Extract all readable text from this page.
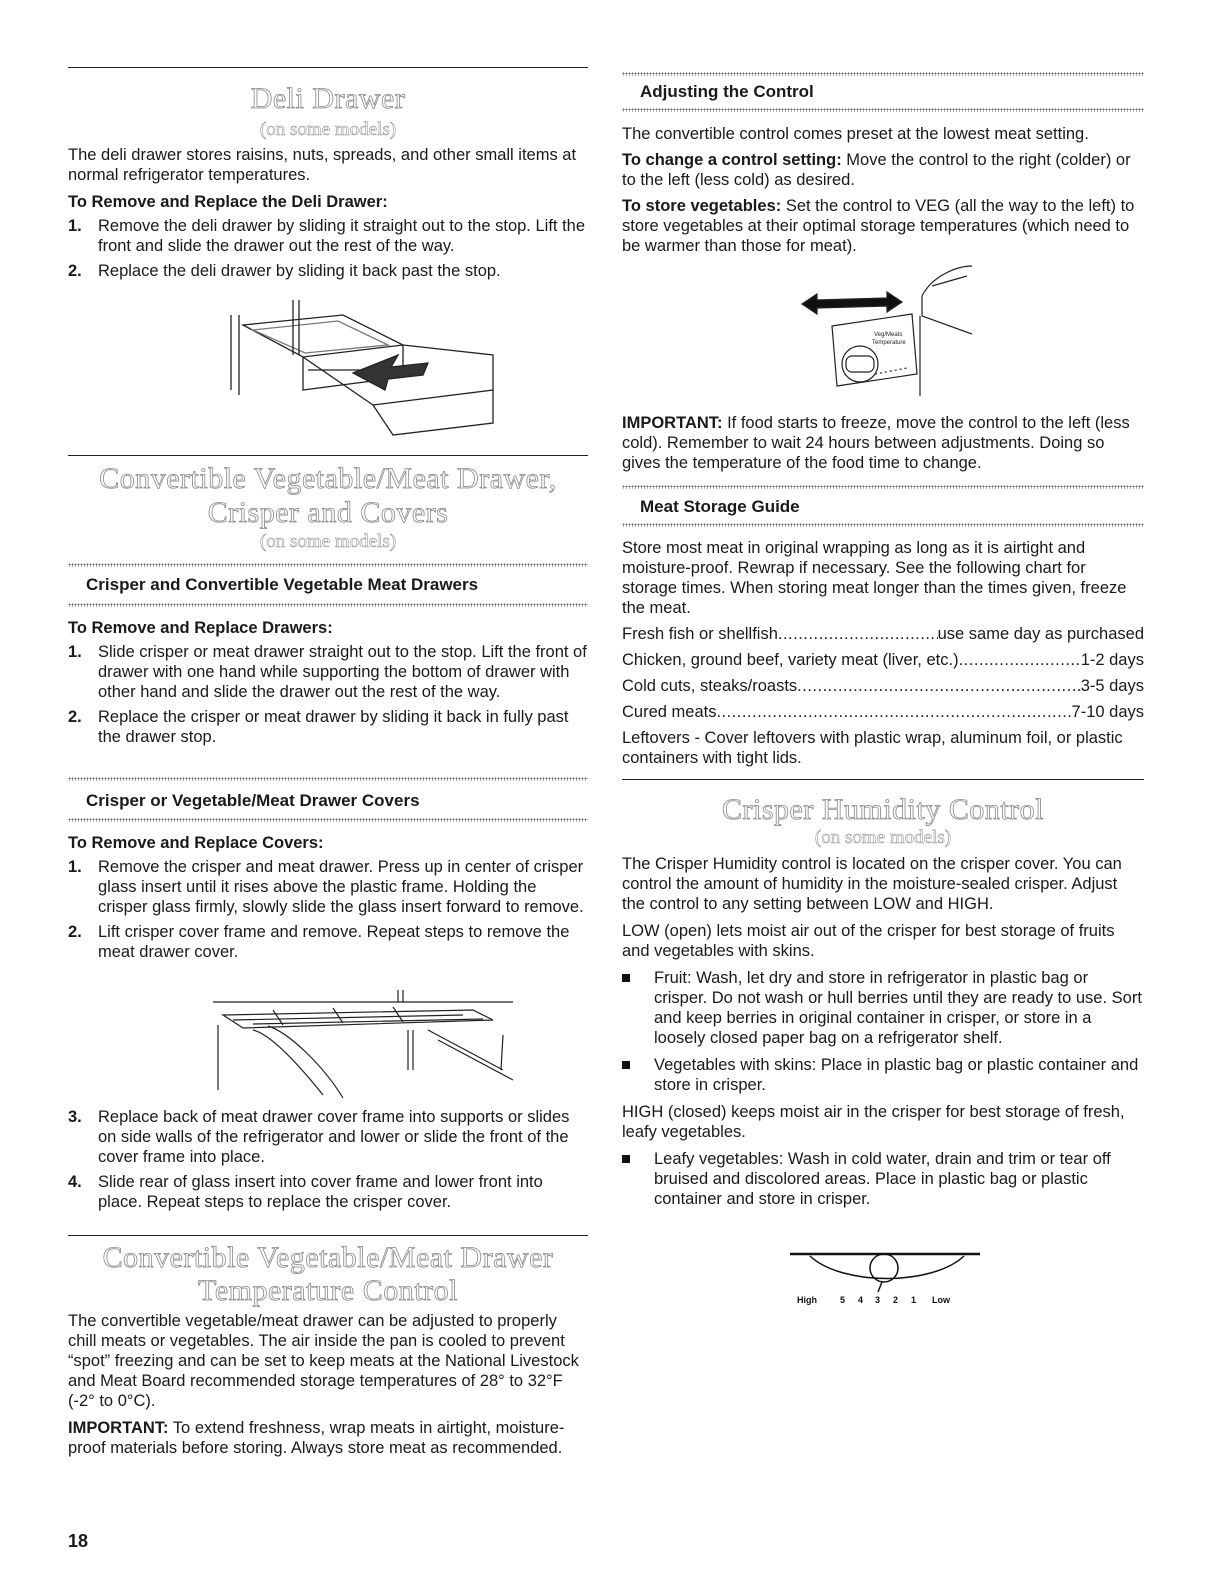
Deli Drawer
(on some models)

The deli drawer stores raisins, nuts, spreads, and other small items at normal refrigerator temperatures.

To Remove and Replace the Deli Drawer:

1. Remove the deli drawer by sliding it straight out to the stop. Lift the front and slide the drawer out the rest of the way.
2. Replace the deli drawer by sliding it back past the stop.
Convertible Vegetable/Meat Drawer,
Crisper and Covers
(on some models)
Crisper and Convertible Vegetable Meat Drawers

To Remove and Replace Drawers:

1. Slide crisper or meat drawer straight out to the stop. Lift the front of drawer with one hand while supporting the bottom of drawer with other hand and slide the drawer out the rest of the way.
2. Replace the crisper or meat drawer by sliding it back in fully past the drawer stop.
Crisper or Vegetable/Meat Drawer Covers

To Remove and Replace Covers:

1. Remove the crisper and meat drawer. Press up in center of crisper glass insert until it rises above the plastic frame. Holding the crisper glass firmly, slowly slide the glass insert forward to remove.
2. Lift crisper cover frame and remove. Repeat steps to remove the meat drawer cover.
3. Replace back of meat drawer cover frame into supports or slides on side walls of the refrigerator and lower or slide the front of the cover frame into place.
4. Slide rear of glass insert into cover frame and lower front into place. Repeat steps to replace the crisper cover.
Convertible Vegetable/Meat Drawer
Temperature Control

The convertible vegetable/meat drawer can be adjusted to properly chill meats or vegetables. The air inside the pan is cooled to prevent “spot” freezing and can be set to keep meats at the National Livestock and Meat Board recommended storage temperatures of 28° to 32°F (-2° to 0°C).

IMPORTANT: To extend freshness, wrap meats in airtight, moisture-proof materials before storing. Always store meat as recommended.

18
Adjusting the Control

The convertible control comes preset at the lowest meat setting.

To change a control setting: Move the control to the right (colder) or to the left (less cold) as desired.

To store vegetables: Set the control to VEG (all the way to the left) to store vegetables at their optimal storage temperatures (which need to be warmer than those for meat).

Veg/Meats
Temperature

IMPORTANT: If food starts to freeze, move the control to the left (less cold). Remember to wait 24 hours between adjustments. Doing so gives the temperature of the food time to change.

Meat Storage Guide

Store most meat in original wrapping as long as it is airtight and moisture-proof. Rewrap if necessary. See the following chart for storage times. When storing meat longer than the times given, freeze the meat.

Fresh fish or shellfish .....	use same day as purchased
Chicken, ground beef, variety meat (liver, etc.) .....	1-2 days
Cold cuts, steaks/roasts .....	3-5 days
Cured meats .....	7-10 days

Leftovers - Cover leftovers with plastic wrap, aluminum foil, or plastic containers with tight lids.

Crisper Humidity Control
(on some models)

The Crisper Humidity control is located on the crisper cover. You can control the amount of humidity in the moisture-sealed crisper. Adjust the control to any setting between LOW and HIGH.

LOW (open) lets moist air out of the crisper for best storage of fruits and vegetables with skins.

Fruit: Wash, let dry and store in refrigerator in plastic bag or crisper. Do not wash or hull berries until they are ready to use. Sort and keep berries in original container in crisper, or store in a loosely closed paper bag on a refrigerator shelf.
Vegetables with skins: Place in plastic bag or plastic container and store in crisper.

HIGH (closed) keeps moist air in the crisper for best storage of fresh, leafy vegetables.

Leafy vegetables: Wash in cold water, drain and trim or tear off bruised and discolored areas. Place in plastic bag or plastic container and store in crisper.
High	5 4 3 2 1 Low
